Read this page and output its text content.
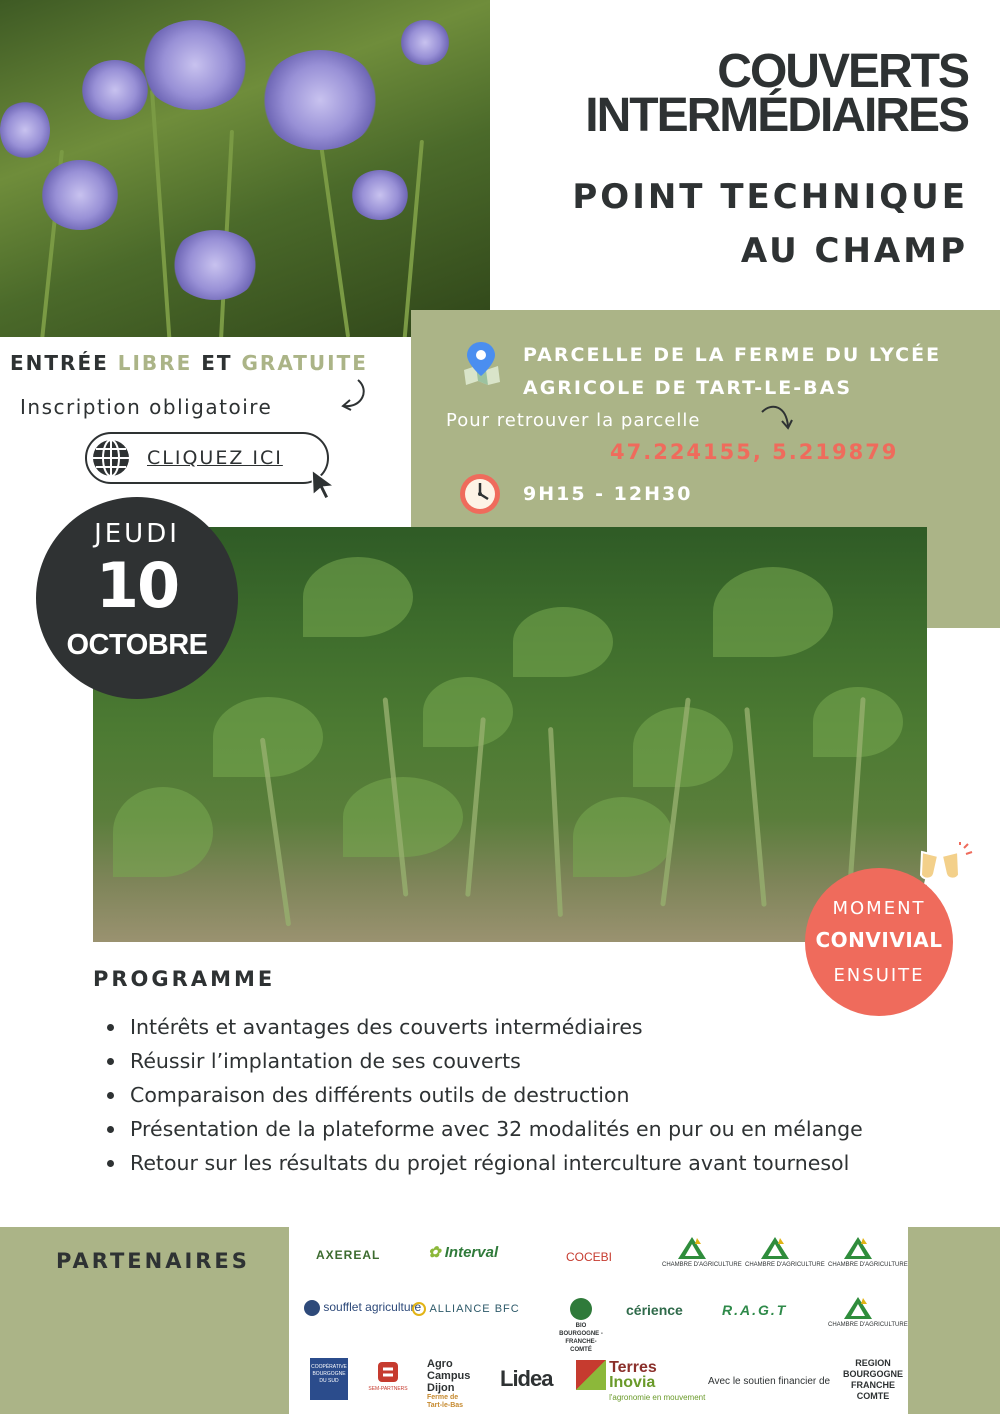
COUVERTS
INTERMÉDIAIRES
POINT TECHNIQUE
AU CHAMP
PARCELLE DE LA FERME DU LYCÉE
AGRICOLE DE TART-LE-BAS
Pour retrouver la parcelle
47.224155, 5.219879
9H15 - 12H30
ENTRÉE LIBRE ET GRATUITE
Inscription obligatoire
CLIQUEZ ICI
JEUDI
10
OCTOBRE
MOMENT
CONVIVIAL
ENSUITE
PROGRAMME
Intérêts et avantages des couverts intermédiaires
Réussir l’implantation de ses couverts
Comparaison des différents outils de destruction
Présentation de la plateforme avec 32 modalités en pur ou en mélange
Retour sur les résultats du projet régional interculture avant tournesol
PARTENAIRES	AXEREAL	✿ Interval	COCEBI
CHAMBRE D'AGRICULTURE CHAMBRE D'AGRICULTURE CHAMBRE D'AGRICULTURE
soufflet agriculture ALLIANCE BFC
BIO BOURGOGNE - FRANCHE-COMTÉ
cérience	R.A.G.T
CHAMBRE D'AGRICULTURE
COOPÉRATIVE BOURGOGNE DU SUD
SEM-PARTNERS
Agro
Campus
Dijon
Ferme de Tart-le-Bas
Lidea
	Terres
Inovia
l'agronomie en mouvement
Avec le soutien financier de
REGION
BOURGOGNE
FRANCHE
COMTE
